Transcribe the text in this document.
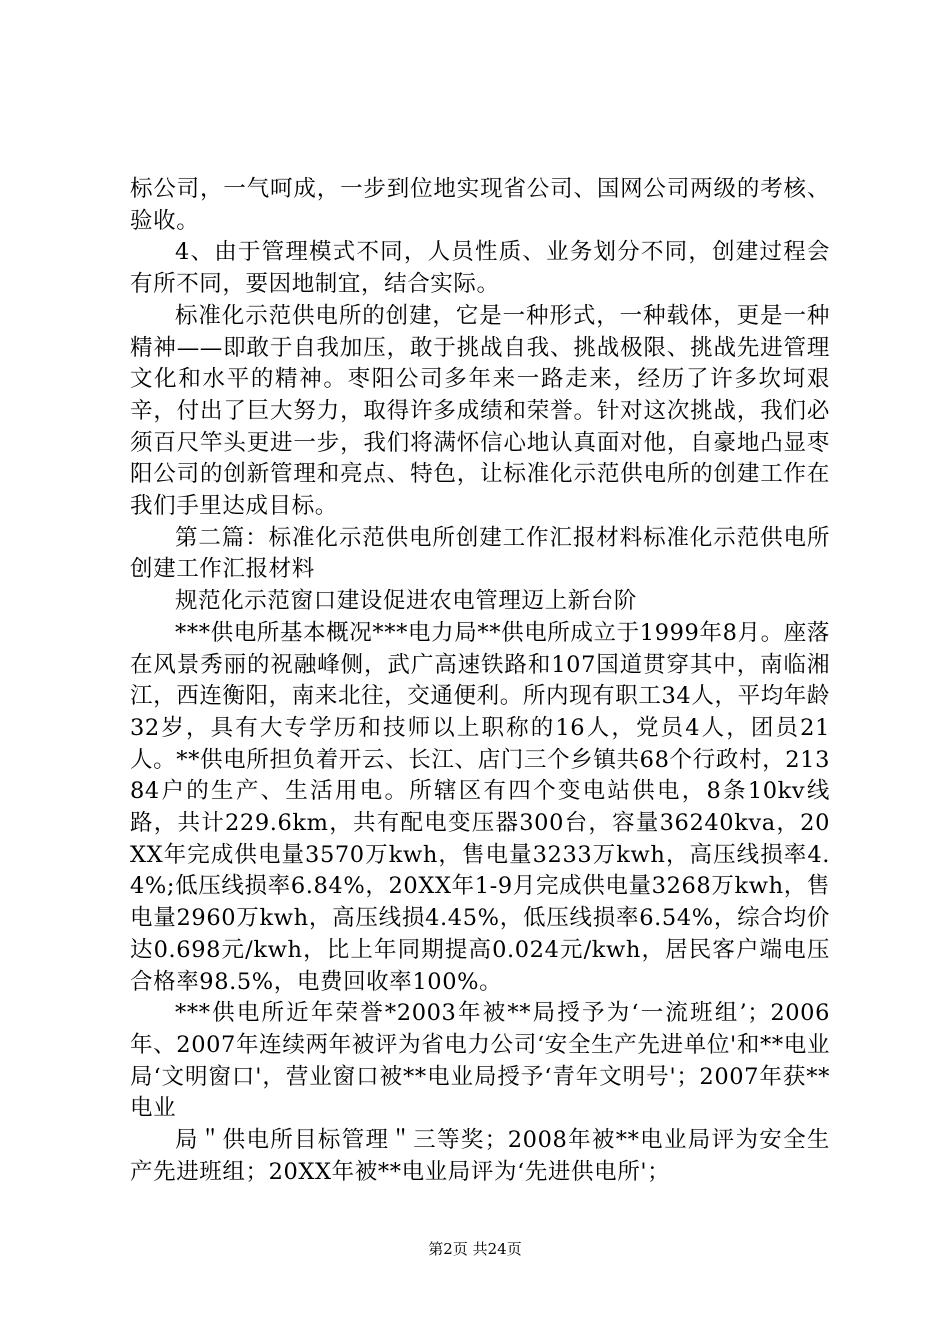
标公司，一气呵成，一步到位地实现省公司、国网公司两级的考核、验收。

4、由于管理模式不同，人员性质、业务划分不同，创建过程会有所不同，要因地制宜，结合实际。

标准化示范供电所的创建，它是一种形式，一种载体，更是一种精神——即敢于自我加压，敢于挑战自我、挑战极限、挑战先进管理文化和水平的精神。枣阳公司多年来一路走来，经历了许多坎坷艰辛，付出了巨大努力，取得许多成绩和荣誉。针对这次挑战，我们必须百尺竿头更进一步，我们将满怀信心地认真面对他，自豪地凸显枣阳公司的创新管理和亮点、特色，让标准化示范供电所的创建工作在我们手里达成目标。

第二篇：标准化示范供电所创建工作汇报材料标准化示范供电所创建工作汇报材料

规范化示范窗口建设促进农电管理迈上新台阶

***供电所基本概况***电力局**供电所成立于1999年8月。座落在风景秀丽的祝融峰侧，武广高速铁路和107国道贯穿其中，南临湘江，西连衡阳，南来北往，交通便利。所内现有职工34人，平均年龄32岁，具有大专学历和技师以上职称的16人，党员4人，团员21人。**供电所担负着开云、长江、店门三个乡镇共68个行政村，21384户的生产、生活用电。所辖区有四个变电站供电，8条10kv线路，共计229.6km，共有配电变压器300台，容量36240kva，20XX年完成供电量3570万kwh，售电量3233万kwh，高压线损率4.4%;低压线损率6.84%，20XX年1-9月完成供电量3268万kwh，售电量2960万kwh，高压线损4.45%，低压线损率6.54%，综合均价达0.698元/kwh，比上年同期提高0.024元/kwh，居民客户端电压合格率98.5%，电费回收率100%。

***供电所近年荣誉*2003年被**局授予为‘一流班组’；2006年、2007年连续两年被评为省电力公司‘安全生产先进单位'和**电业局‘文明窗口'，营业窗口被**电业局授予‘青年文明号'；2007年获**电业

局＂供电所目标管理＂三等奖；2008年被**电业局评为安全生产先进班组；20XX年被**电业局评为‘先进供电所'；

第2页 共24页
